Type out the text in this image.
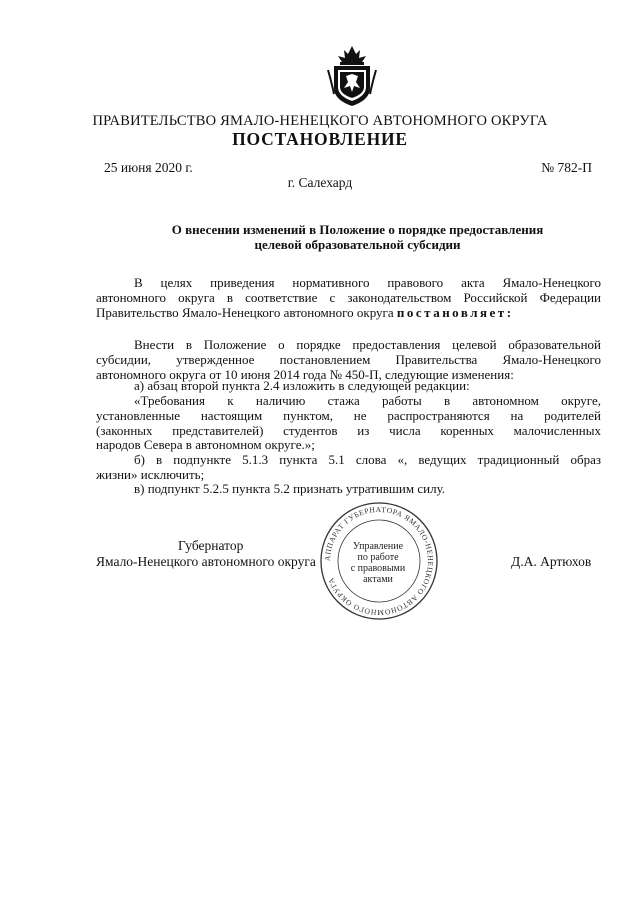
ПРАВИТЕЛЬСТВО ЯМАЛО-НЕНЕЦКОГО АВТОНОМНОГО ОКРУГА
ПОСТАНОВЛЕНИЕ
25 июня 2020 г.	№ 782-П
г. Салехард
О внесении изменений в Положение о порядке предоставления
целевой образовательной субсидии
В целях приведения нормативного правового акта Ямало-Ненецкого
автономного округа в соответствие с законодательством Российской Федерации
Правительство Ямало-Ненецкого автономного округа постановляет:
Внести в Положение о порядке предоставления целевой образовательной
субсидии, утвержденное постановлением Правительства Ямало-Ненецкого
автономного округа от 10 июня 2014 года № 450-П, следующие изменения:
а) абзац второй пункта 2.4 изложить в следующей редакции:
«Требования к наличию стажа работы в автономном округе,
установленные настоящим пунктом, не распространяются на родителей
(законных представителей) студентов из числа коренных малочисленных
народов Севера в автономном округе.»;
б) в подпункте 5.1.3 пункта 5.1 слова «, ведущих традиционный образ
жизни» исключить;
в) подпункт 5.2.5 пункта 5.2 признать утратившим силу.
АППАРАТ ГУБЕРНАТОРА ЯМАЛО-НЕНЕЦКОГО АВТОНОМНОГО ОКРУГА
Управление
по работе
с правовыми
актами
Губернатор
Ямало-Ненецкого автономного округа	Д.А. Артюхов
